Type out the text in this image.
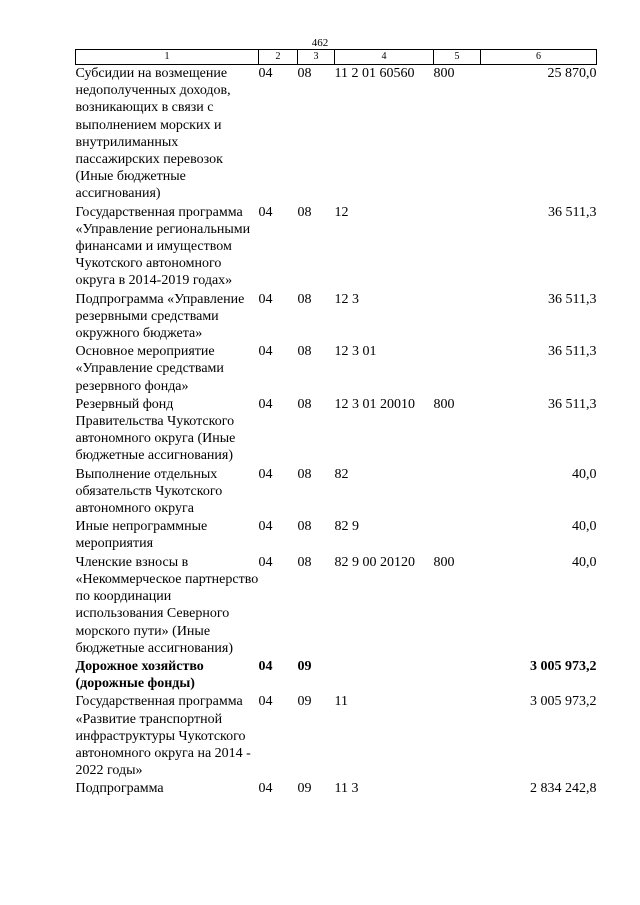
462
1	2	3	4	5	6
Субсидии на возмещение недополученных доходов, возникающих в связи с выполнением морских и внутрилиманных пассажирских перевозок (Иные бюджетные ассигнования)	04	08	11 2 01 60560	800	25 870,0
Государственная программа «Управление региональными финансами и имуществом Чукотского автономного округа в 2014-2019 годах»	04	08	12		36 511,3
Подпрограмма «Управление резервными средствами окружного бюджета»	04	08	12 3		36 511,3
Основное мероприятие «Управление средствами резервного фонда»	04	08	12 3 01		36 511,3
Резервный фонд Правительства Чукотского автономного округа (Иные бюджетные ассигнования)	04	08	12 3 01 20010	800	36 511,3
Выполнение отдельных обязательств Чукотского автономного округа	04	08	82		40,0
Иные непрограммные мероприятия	04	08	82 9		40,0
Членские взносы в «Некоммерческое партнерство по координации использования Северного морского пути» (Иные бюджетные ассигнования)	04	08	82 9 00 20120	800	40,0
Дорожное хозяйство (дорожные фонды)	04	09			3 005 973,2
Государственная программа «Развитие транспортной инфраструктуры Чукотского автономного округа на 2014 - 2022 годы»	04	09	11		3 005 973,2
Подпрограмма	04	09	11 3		2 834 242,8
